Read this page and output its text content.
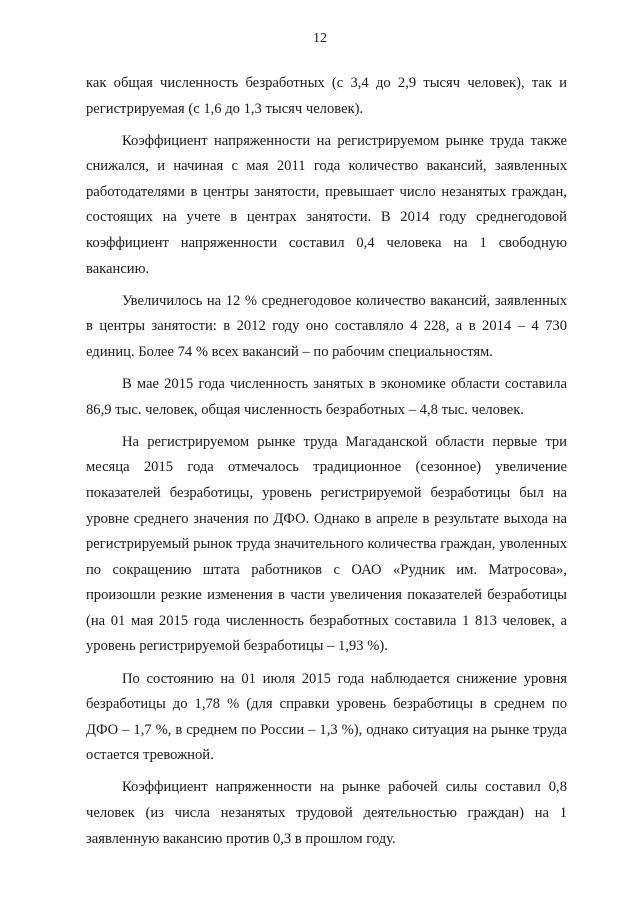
12

как общая численность безработных (с 3,4 до 2,9 тысяч человек), так и регистрируемая (с 1,6 до 1,3 тысяч человек).

Коэффициент напряженности на регистрируемом рынке труда также снижался, и начиная с мая 2011 года количество вакансий, заявленных работодателями в центры занятости, превышает число незанятых граждан, состоящих на учете в центрах занятости. В 2014 году среднегодовой коэффициент напряженности составил 0,4 человека на 1 свободную вакансию.

Увеличилось на 12 % среднегодовое количество вакансий, заявленных в центры занятости: в 2012 году оно составляло 4 228, а в 2014 – 4 730 единиц. Более 74 % всех вакансий – по рабочим специальностям.

В мае 2015 года численность занятых в экономике области составила 86,9 тыс. человек, общая численность безработных – 4,8 тыс. человек.

На регистрируемом рынке труда Магаданской области первые три месяца 2015 года отмечалось традиционное (сезонное) увеличение показателей безработицы, уровень регистрируемой безработицы был на уровне среднего значения по ДФО. Однако в апреле в результате выхода на регистрируемый рынок труда значительного количества граждан, уволенных по сокращению штата работников с ОАО «Рудник им. Матросова», произошли резкие изменения в части увеличения показателей безработицы (на 01 мая 2015 года численность безработных составила 1 813 человек, а уровень регистрируемой безработицы – 1,93 %).

По состоянию на 01 июля 2015 года наблюдается снижение уровня безработицы до 1,78 % (для справки уровень безработицы в среднем по ДФО – 1,7 %, в среднем по России – 1,3 %), однако ситуация на рынке труда остается тревожной.

Коэффициент напряженности на рынке рабочей силы составил 0,8 человек (из числа незанятых трудовой деятельностью граждан) на 1 заявленную вакансию против 0,3 в прошлом году.
